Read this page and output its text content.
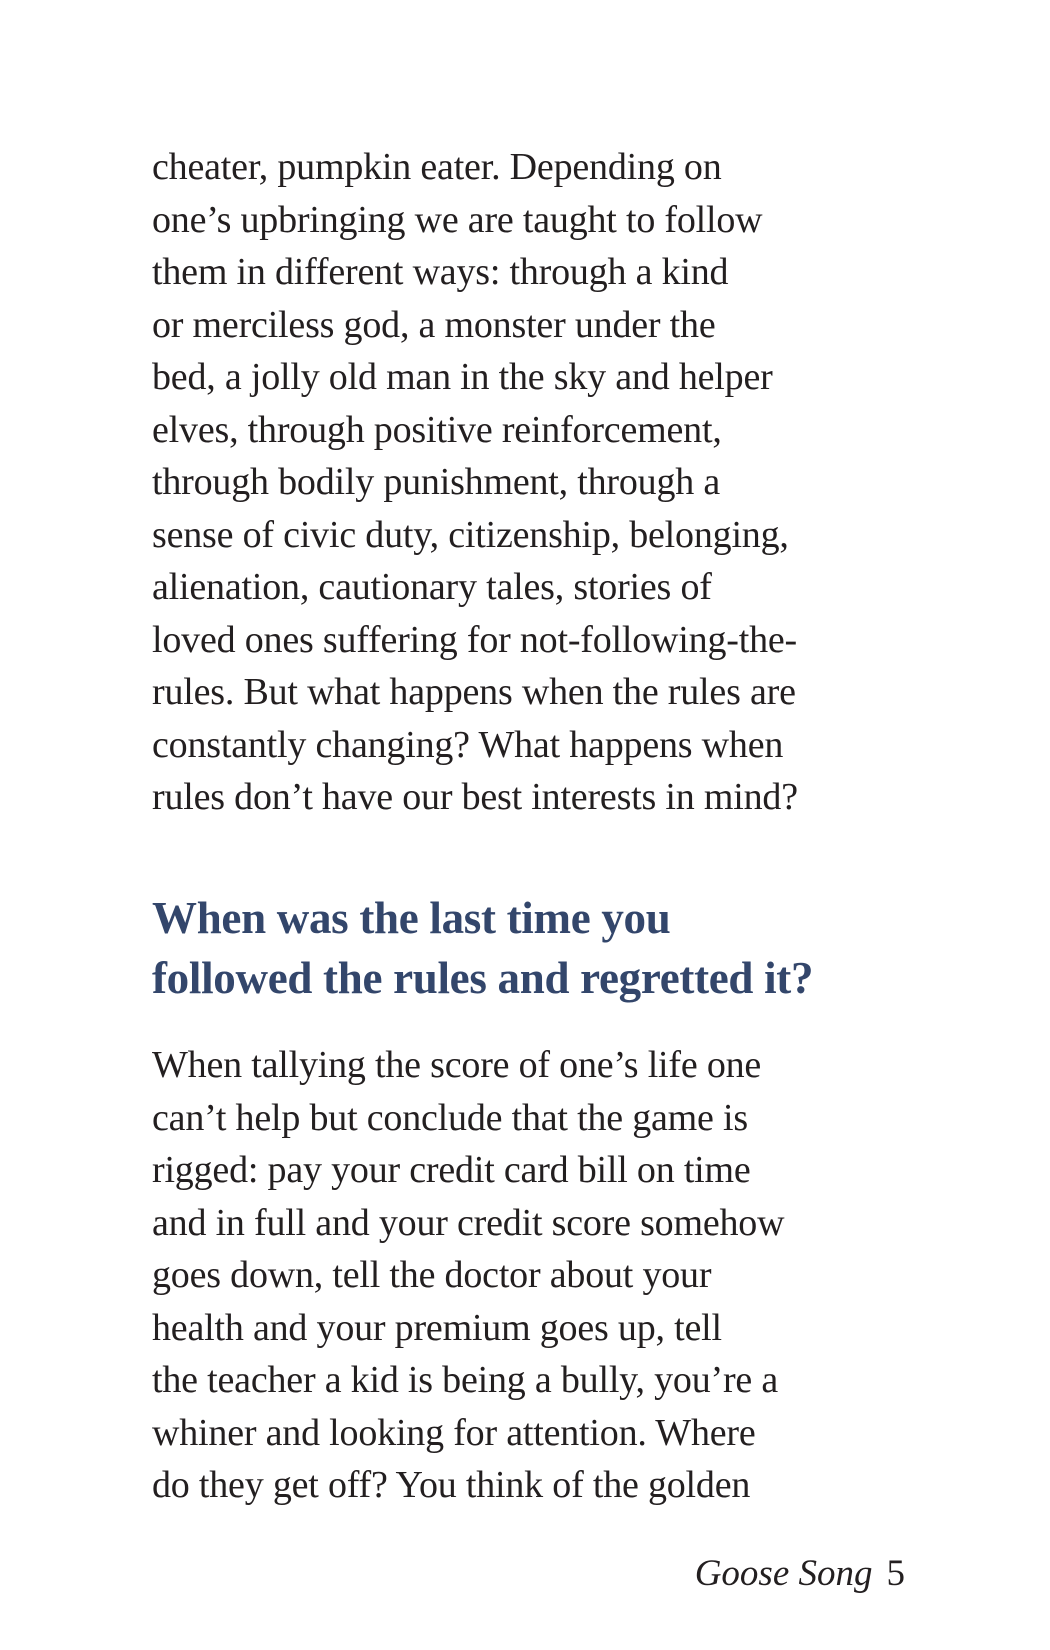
cheater, pumpkin eater. Depending on
one’s upbringing we are taught to follow
them in different ways: through a kind
or merciless god, a monster under the
bed, a jolly old man in the sky and helper
elves, through positive reinforcement,
through bodily punishment, through a
sense of civic duty, citizenship, belonging,
alienation, cautionary tales, stories of
loved ones suffering for not-following-the-
rules. But what happens when the rules are
constantly changing? What happens when
rules don’t have our best interests in mind?
When was the last time you
followed the rules and regretted it?
When tallying the score of one’s life one
can’t help but conclude that the game is
rigged: pay your credit card bill on time
and in full and your credit score somehow
goes down, tell the doctor about your
health and your premium goes up, tell
the teacher a kid is being a bully, you’re a
whiner and looking for attention. Where
do they get off? You think of the golden
Goose Song 5
